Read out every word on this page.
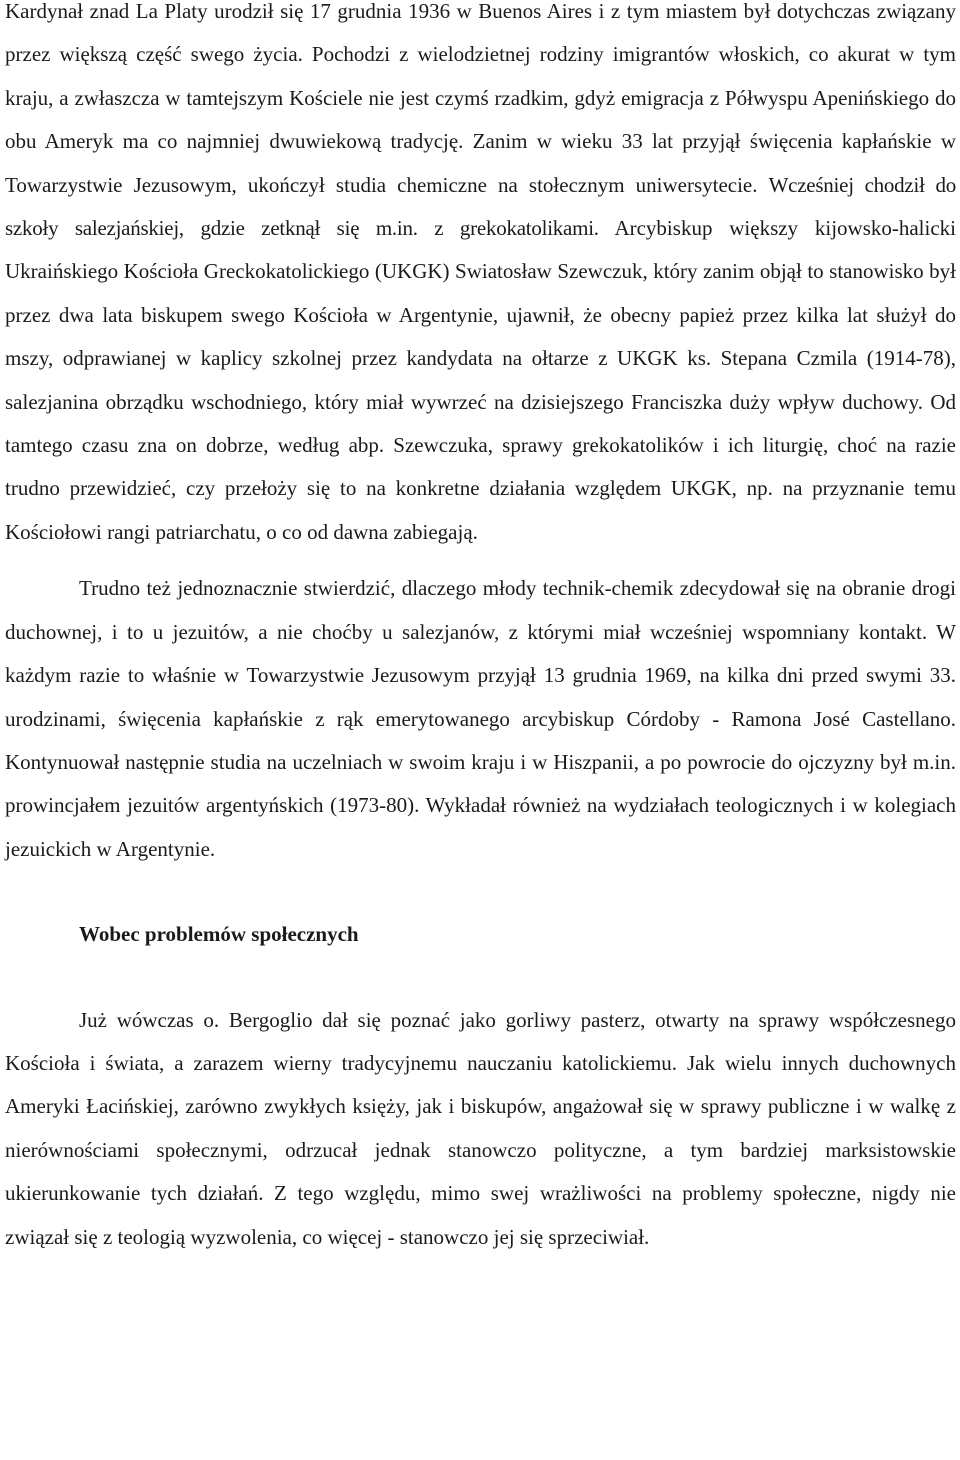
Kardynał znad La Platy urodził się 17 grudnia 1936 w Buenos Aires i z tym miastem był dotychczas związany przez większą część swego życia. Pochodzi z wielodzietnej rodziny imigrantów włoskich, co akurat w tym kraju, a zwłaszcza w tamtejszym Kościele nie jest czymś rzadkim, gdyż emigracja z Półwyspu Apenińskiego do obu Ameryk ma co najmniej dwuwiekową tradycję. Zanim w wieku 33 lat przyjął święcenia kapłańskie w Towarzystwie Jezusowym, ukończył studia chemiczne na stołecznym uniwersytecie. Wcześniej chodził do szkoły salezjańskiej, gdzie zetknął się m.in. z grekokatolikami. Arcybiskup większy kijowsko-halicki Ukraińskiego Kościoła Greckokatolickiego (UKGK) Swiatosław Szewczuk, który zanim objął to stanowisko był przez dwa lata biskupem swego Kościoła w Argentynie, ujawnił, że obecny papież przez kilka lat służył do mszy, odprawianej w kaplicy szkolnej przez kandydata na ołtarze z UKGK ks. Stepana Czmila (1914-78), salezjanina obrządku wschodniego, który miał wywrzeć na dzisiejszego Franciszka duży wpływ duchowy. Od tamtego czasu zna on dobrze, według abp. Szewczuka, sprawy grekokatolików i ich liturgię, choć na razie trudno przewidzieć, czy przełoży się to na konkretne działania względem UKGK, np. na przyznanie temu Kościołowi rangi patriarchatu, o co od dawna zabiegają.

Trudno też jednoznacznie stwierdzić, dlaczego młody technik-chemik zdecydował się na obranie drogi duchownej, i to u jezuitów, a nie choćby u salezjanów, z którymi miał wcześniej wspomniany kontakt. W każdym razie to właśnie w Towarzystwie Jezusowym przyjął 13 grudnia 1969, na kilka dni przed swymi 33. urodzinami, święcenia kapłańskie z rąk emerytowanego arcybiskup Córdoby - Ramona José Castellano. Kontynuował następnie studia na uczelniach w swoim kraju i w Hiszpanii, a po powrocie do ojczyzny był m.in. prowincjałem jezuitów argentyńskich (1973-80). Wykładał również na wydziałach teologicznych i w kolegiach jezuickich w Argentynie.

Wobec problemów społecznych

Już wówczas o. Bergoglio dał się poznać jako gorliwy pasterz, otwarty na sprawy współczesnego Kościoła i świata, a zarazem wierny tradycyjnemu nauczaniu katolickiemu. Jak wielu innych duchownych Ameryki Łacińskiej, zarówno zwykłych księży, jak i biskupów, angażował się w sprawy publiczne i w walkę z nierównościami społecznymi, odrzucał jednak stanowczo polityczne, a tym bardziej marksistowskie ukierunkowanie tych działań. Z tego względu, mimo swej wrażliwości na problemy społeczne, nigdy nie związał się z teologią wyzwolenia, co więcej - stanowczo jej się sprzeciwiał.
